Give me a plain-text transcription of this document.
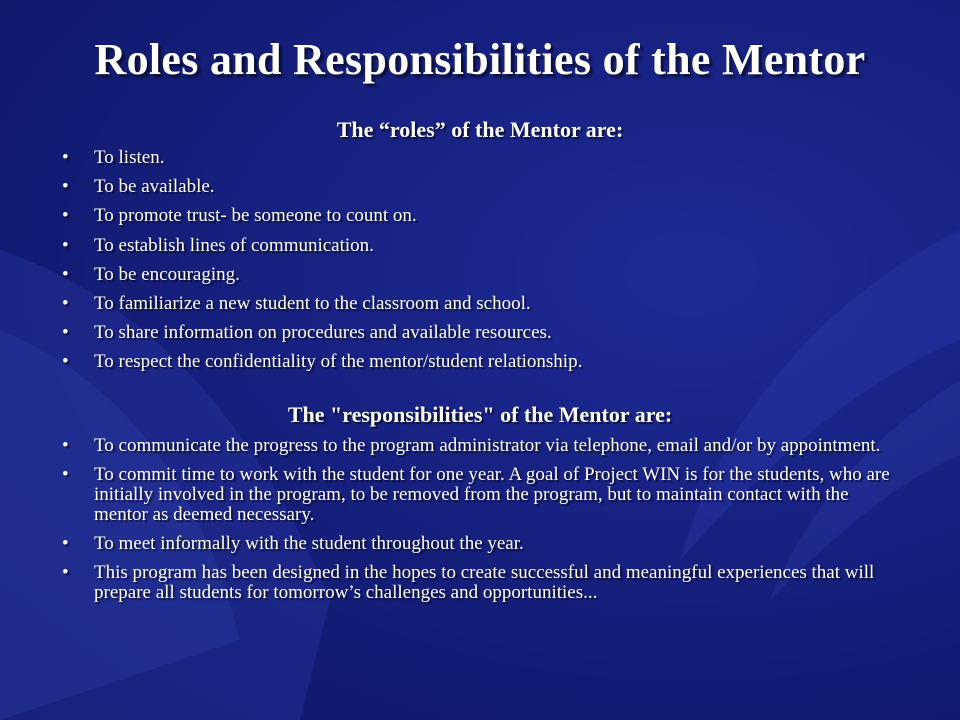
Roles and Responsibilities of the Mentor

The “roles” of the Mentor are:

• To listen.
• To be available.
• To promote trust- be someone to count on.
• To establish lines of communication.
• To be encouraging.
• To familiarize a new student to the classroom and school.
• To share information on procedures and available resources.
• To respect the confidentiality of the mentor/student relationship.

The "responsibilities" of the Mentor are:

• To communicate the progress to the program administrator via telephone, email and/or by appointment.
• To commit time to work with the student for one year. A goal of Project WIN is for the students, who are initially involved in the program, to be removed from the program, but to maintain contact with the mentor as deemed necessary.
• To meet informally with the student throughout the year.
• This program has been designed in the hopes to create successful and meaningful experiences that will prepare all students for tomorrow’s challenges and opportunities...
